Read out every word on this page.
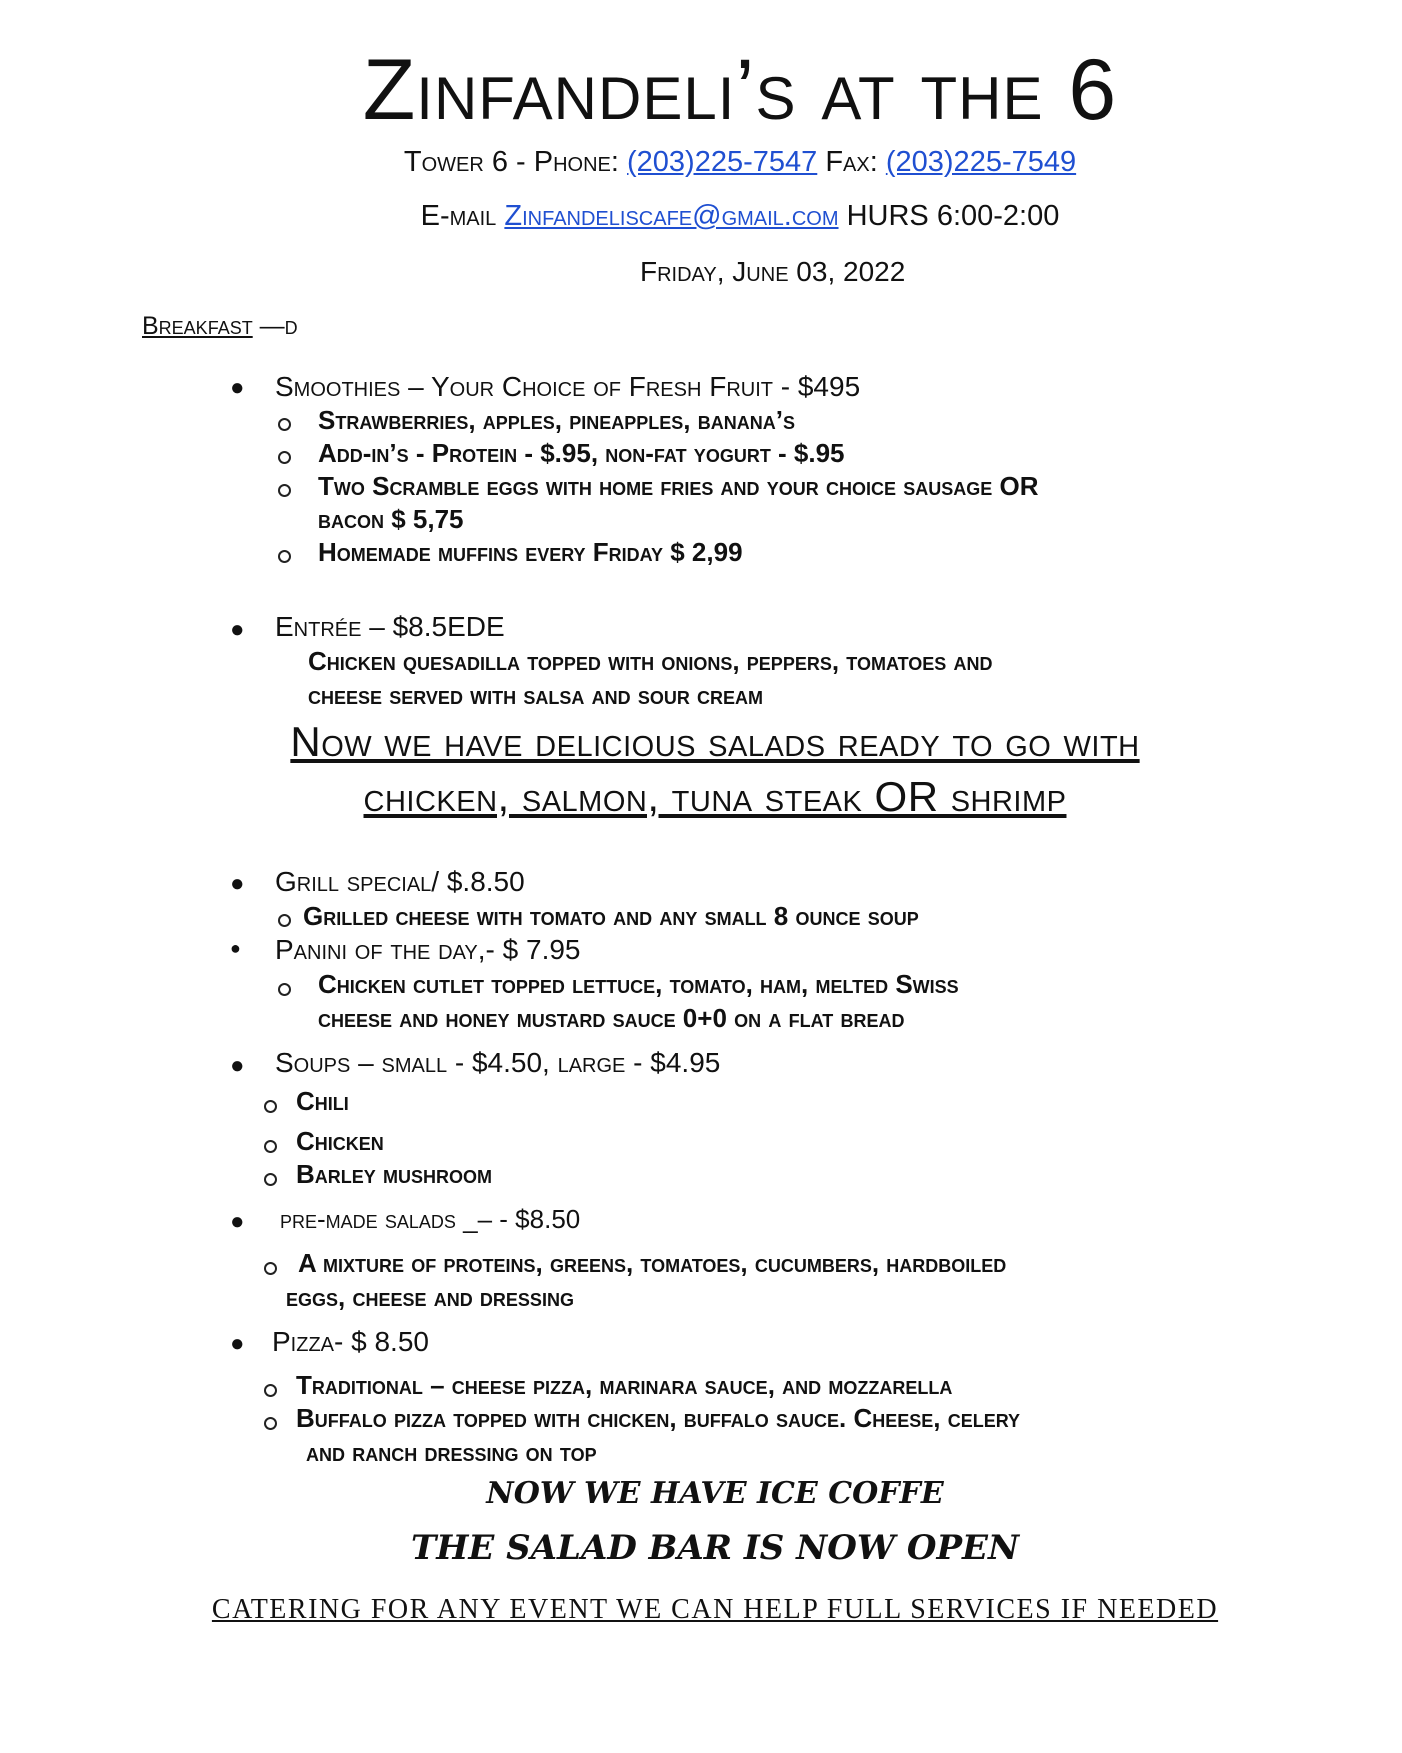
Zinfandeli’s at the 6
Tower 6 - Phone: (203)225-7547 Fax: (203)225-7549
E-mail Zinfandeliscafe@gmail.com HURS 6:00-2:00
Friday, June 03, 2022
Breakfast —d
● Smoothies – Your Choice of Fresh Fruit - $495
Strawberries, apples, pineapples, banana’s
Add-in’s - Protein - $.95, non-fat yogurt - $.95
Two Scramble eggs with home fries and your choice sausage OR
bacon $ 5,75
Homemade muffins every Friday $ 2,99
● Entrée – $8.5EDE
Chicken quesadilla topped with onions, peppers, tomatoes and
cheese served with salsa and sour cream
Now we have delicious salads ready to go with
chicken, salmon, tuna steak OR shrimp
● Grill special/ $.8.50
Grilled cheese with tomato and any small 8 ounce soup
● Panini of the day,- $ 7.95
Chicken cutlet topped lettuce, tomato, ham, melted Swiss
cheese and honey mustard sauce 0+0 on a flat bread
● Soups – small - $4.50, large - $4.95
Chili
Chicken
Barley mushroom
● pre-made salads _– - $8.50
A mixture of proteins, greens, tomatoes, cucumbers, hardboiled
eggs, cheese and dressing
● Pizza- $ 8.50
Traditional – cheese pizza, marinara sauce, and mozzarella
Buffalo pizza topped with chicken, buffalo sauce. Cheese, celery
and ranch dressing on top
NOW WE HAVE ICE COFFE
THE SALAD BAR IS NOW OPEN
CATERING FOR ANY EVENT WE CAN HELP FULL SERVICES IF NEEDED
